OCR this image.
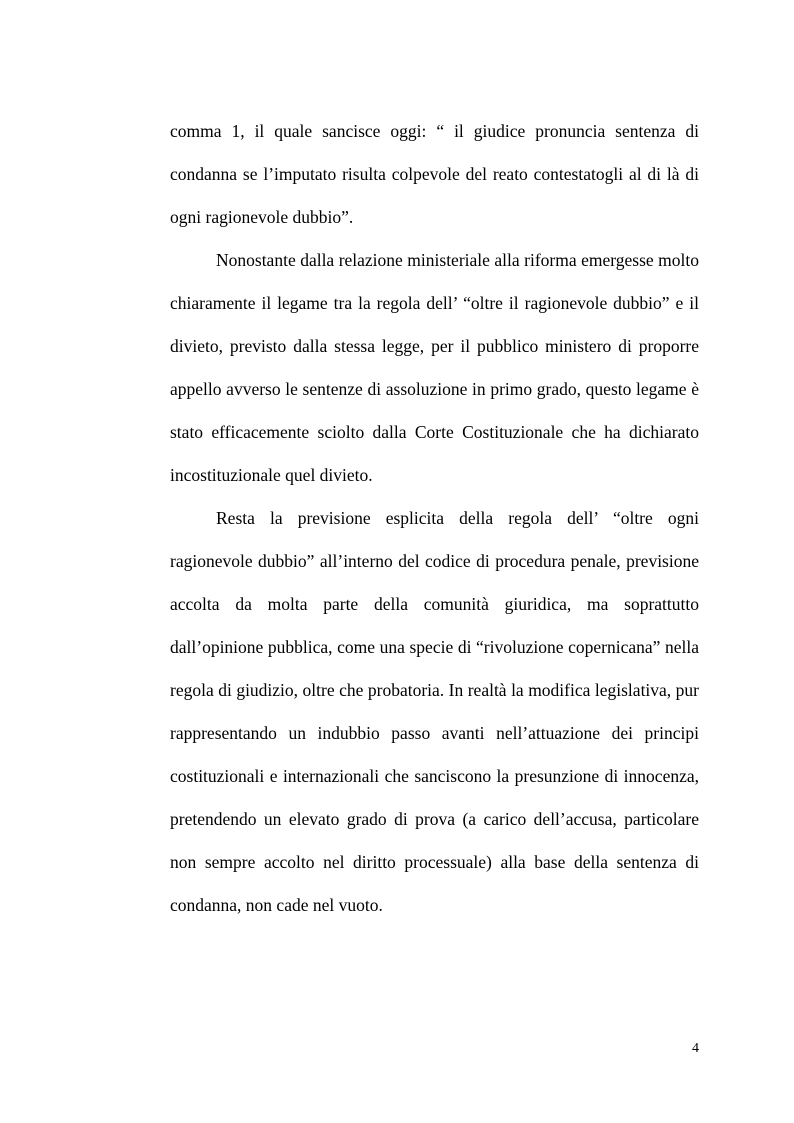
comma 1, il quale sancisce oggi: “ il giudice pronuncia sentenza di condanna se l’imputato risulta colpevole del reato contestatogli al di là di ogni ragionevole dubbio”.

Nonostante dalla relazione ministeriale alla riforma emergesse molto chiaramente il legame tra la regola dell’ “oltre il ragionevole dubbio” e il divieto, previsto dalla stessa legge, per il pubblico ministero di proporre appello avverso le sentenze di assoluzione in primo grado, questo legame è stato efficacemente sciolto dalla Corte Costituzionale che ha dichiarato incostituzionale quel divieto.

Resta la previsione esplicita della regola dell’ “oltre ogni ragionevole dubbio” all’interno del codice di procedura penale, previsione accolta da molta parte della comunità giuridica, ma soprattutto dall’opinione pubblica, come una specie di “rivoluzione copernicana” nella regola di giudizio, oltre che probatoria. In realtà la modifica legislativa, pur rappresentando un indubbio passo avanti nell’attuazione dei principi costituzionali e internazionali che sanciscono la presunzione di innocenza, pretendendo un elevato grado di prova (a carico dell’accusa, particolare non sempre accolto nel diritto processuale) alla base della sentenza di condanna, non cade nel vuoto.

4
